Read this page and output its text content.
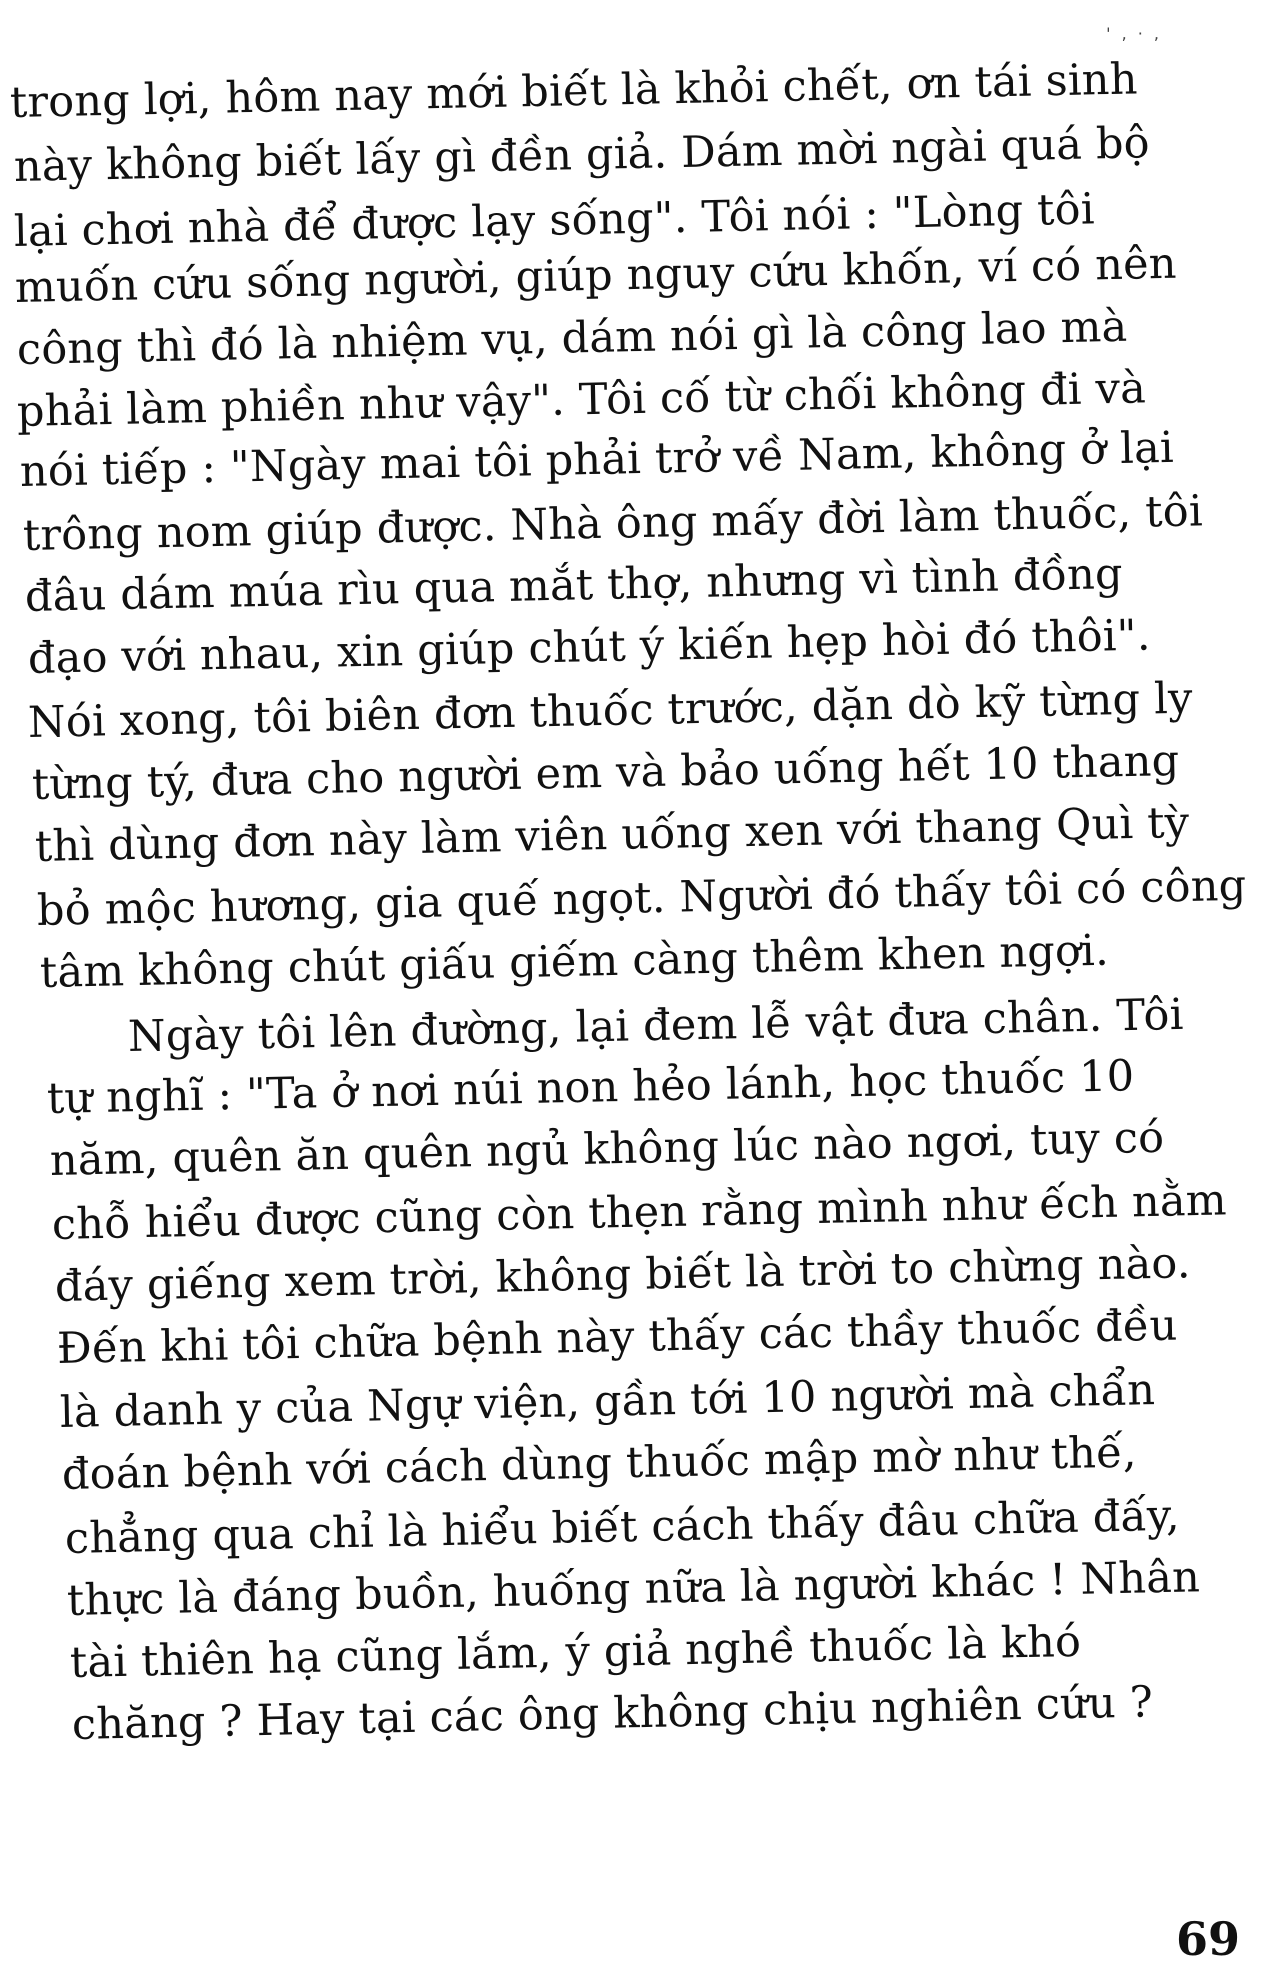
' , · ,
trong lợi, hôm nay mới biết là khỏi chết, ơn tái sinh
này không biết lấy gì đền giả. Dám mời ngài quá bộ
lại chơi nhà để được lạy sống". Tôi nói : "Lòng tôi
muốn cứu sống người, giúp nguy cứu khốn, ví có nên
công thì đó là nhiệm vụ, dám nói gì là công lao mà
phải làm phiền như vậy". Tôi cố từ chối không đi và
nói tiếp : "Ngày mai tôi phải trở về Nam, không ở lại
trông nom giúp được. Nhà ông mấy đời làm thuốc, tôi
đâu dám múa rìu qua mắt thợ, nhưng vì tình đồng
đạo với nhau, xin giúp chút ý kiến hẹp hòi đó thôi".
Nói xong, tôi biên đơn thuốc trước, dặn dò kỹ từng ly
từng tý, đưa cho người em và bảo uống hết 10 thang
thì dùng đơn này làm viên uống xen với thang Quì tỳ
bỏ mộc hương, gia quế ngọt. Người đó thấy tôi có công
tâm không chút giấu giếm càng thêm khen ngợi.
Ngày tôi lên đường, lại đem lễ vật đưa chân. Tôi
tự nghĩ : "Ta ở nơi núi non hẻo lánh, học thuốc 10
năm, quên ăn quên ngủ không lúc nào ngơi, tuy có
chỗ hiểu được cũng còn thẹn rằng mình như ếch nằm
đáy giếng xem trời, không biết là trời to chừng nào.
Đến khi tôi chữa bệnh này thấy các thầy thuốc đều
là danh y của Ngự viện, gần tới 10 người mà chẩn
đoán bệnh với cách dùng thuốc mập mờ như thế,
chẳng qua chỉ là hiểu biết cách thấy đâu chữa đấy,
thực là đáng buồn, huống nữa là người khác ! Nhân
tài thiên hạ cũng lắm, ý giả nghề thuốc là khó
chăng ? Hay tại các ông không chịu nghiên cứu ?
69
